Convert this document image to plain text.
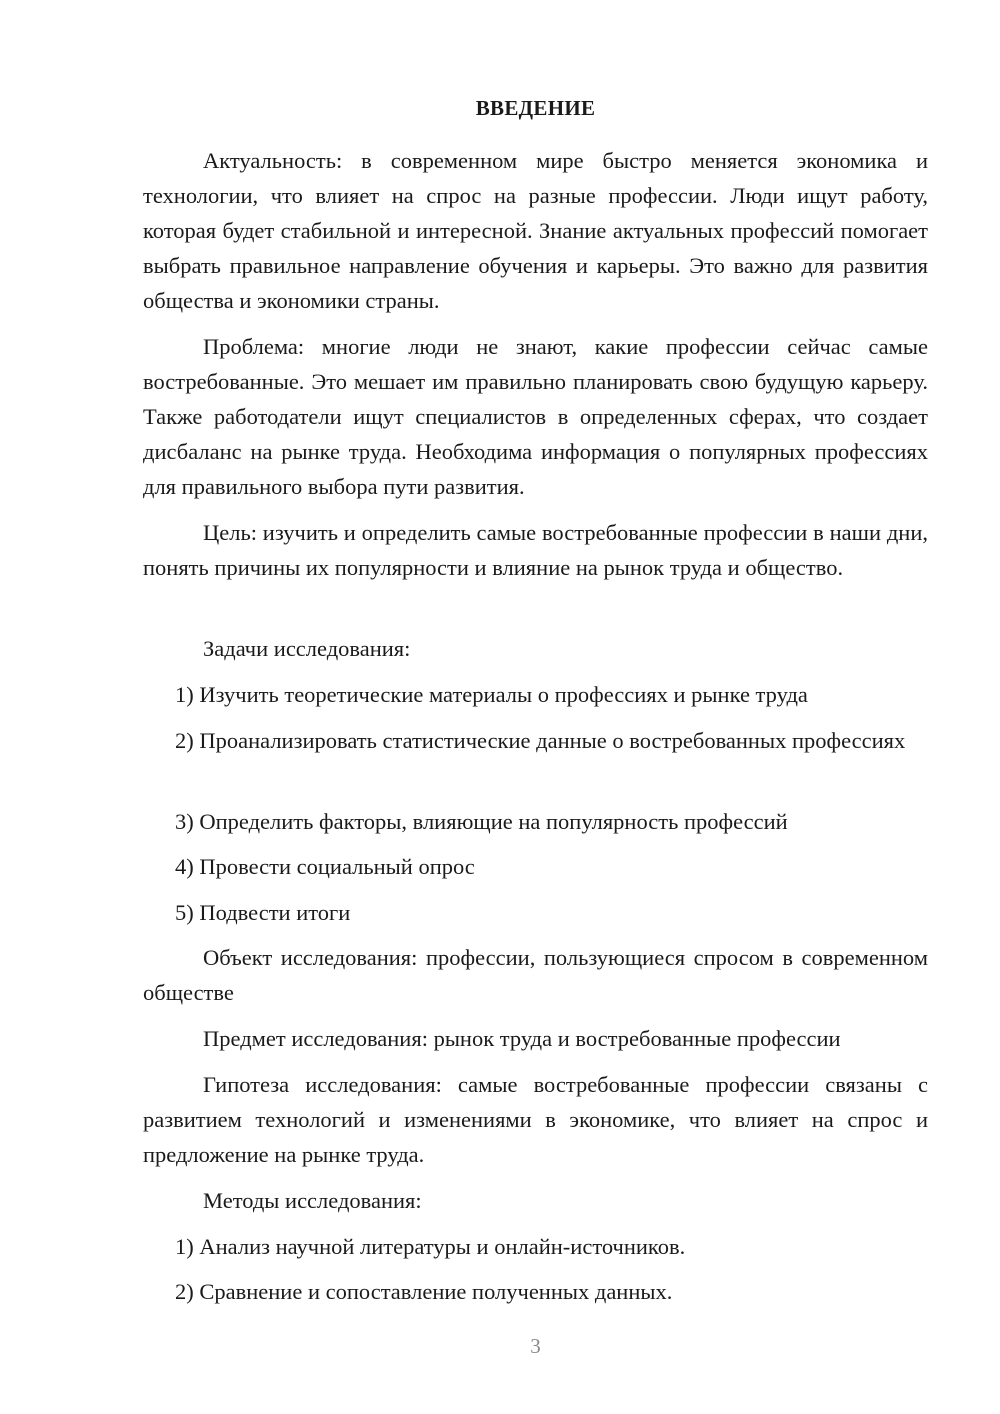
ВВЕДЕНИЕ

Актуальность: в современном мире быстро меняется экономика и технологии, что влияет на спрос на разные профессии. Люди ищут работу, которая будет стабильной и интересной. Знание актуальных профессий помогает выбрать правильное направление обучения и карьеры. Это важно для развития общества и экономики страны.

Проблема: многие люди не знают, какие профессии сейчас самые востребованные. Это мешает им правильно планировать свою будущую карьеру. Также работодатели ищут специалистов в определенных сферах, что создает дисбаланс на рынке труда. Необходима информация о популярных профессиях для правильного выбора пути развития.

Цель: изучить и определить самые востребованные профессии в наши дни, понять причины их популярности и влияние на рынок труда и общество.

Задачи исследования:

1) Изучить теоретические материалы о профессиях и рынке труда

2) Проанализировать статистические данные о востребованных профессиях

3) Определить факторы, влияющие на популярность профессий

4) Провести социальный опрос

5) Подвести итоги

Объект исследования: профессии, пользующиеся спросом в современном обществе

Предмет исследования: рынок труда и востребованные профессии

Гипотеза исследования: самые востребованные профессии связаны с развитием технологий и изменениями в экономике, что влияет на спрос и предложение на рынке труда.

Методы исследования:

1) Анализ научной литературы и онлайн-источников.

2) Сравнение и сопоставление полученных данных.

3
